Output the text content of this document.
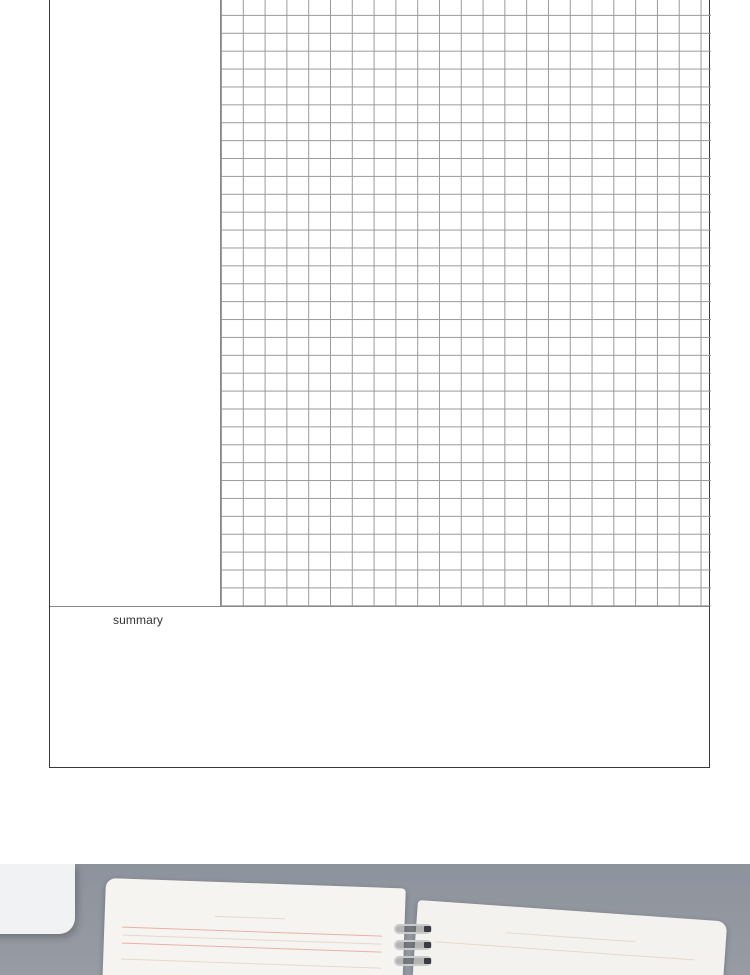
summary
